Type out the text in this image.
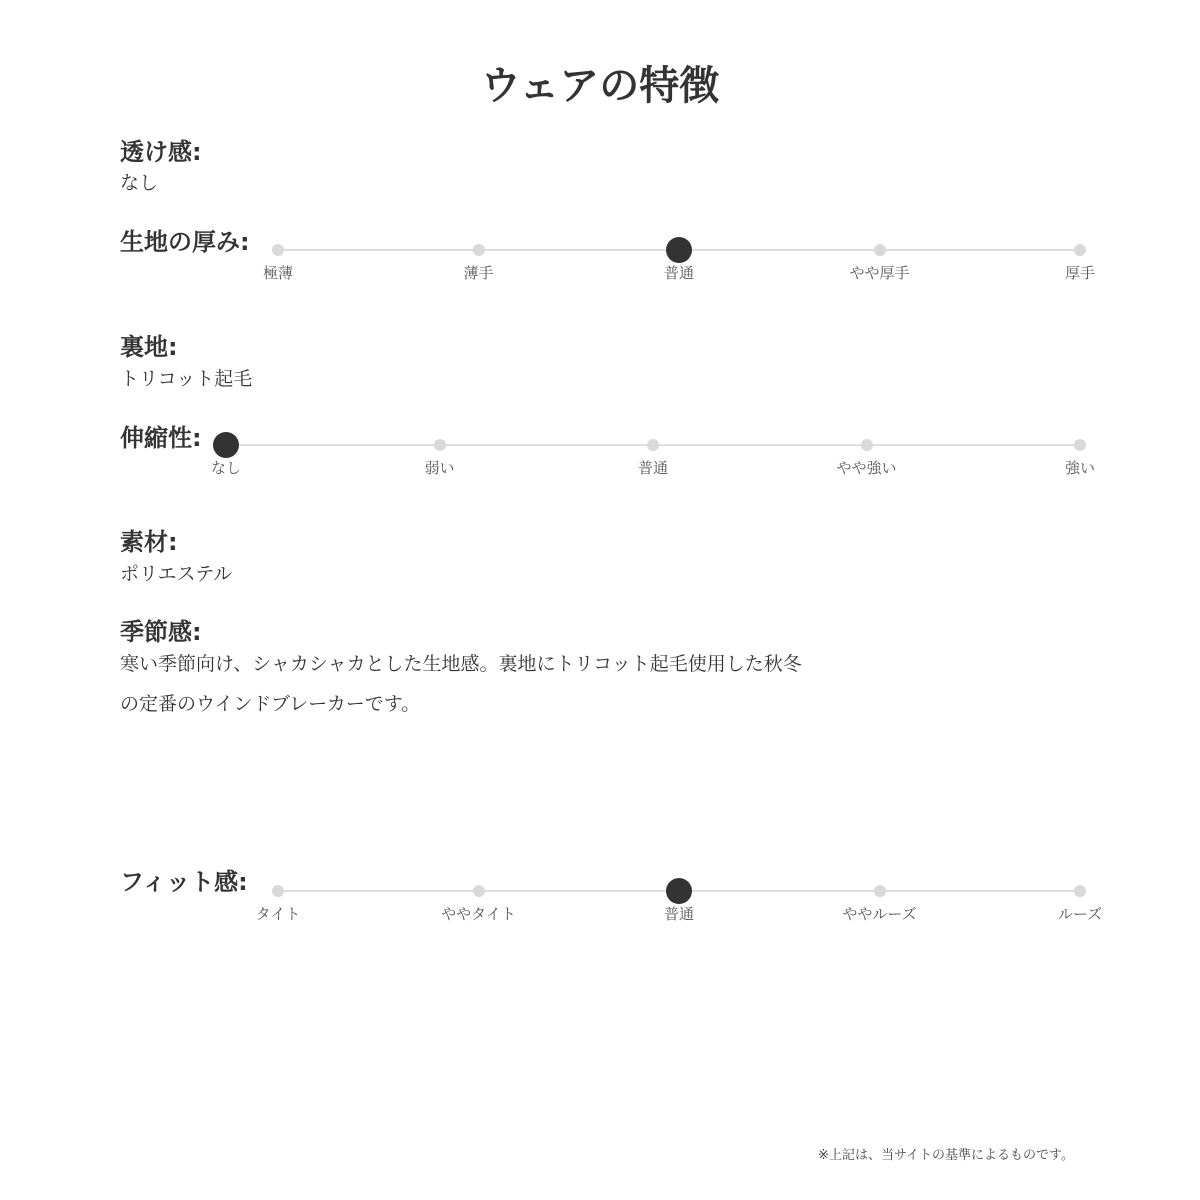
ウェアの特徴
透け感:
なし
生地の厚み:
極薄	薄手	普通	やや厚手	厚手
裏地:
トリコット起毛
伸縮性:
なし	弱い	普通	やや強い	強い
素材:
ポリエステル
季節感:
寒い季節向け、シャカシャカとした生地感。裏地にトリコット起毛使用した秋冬
の定番のウインドブレーカーです。
フィット感:
タイト	ややタイト	普通	ややルーズ	ルーズ
※上記は、当サイトの基準によるものです。
